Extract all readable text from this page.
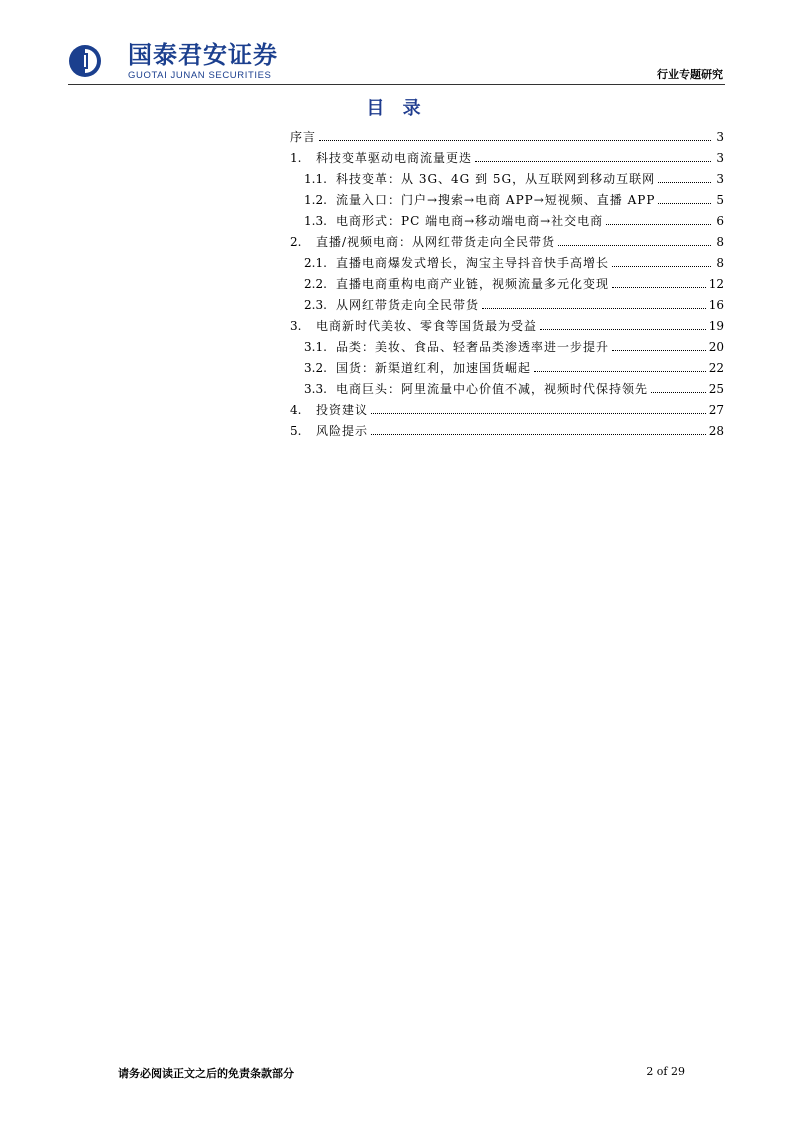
国泰君安证券
GUOTAI JUNAN SECURITIES	行业专题研究
目 录
序言	3
1.	科技变革驱动电商流量更迭	3
1.1. 科技变革：从 3G、4G 到 5G，从互联网到移动互联网	3
1.2. 流量入口：门户→搜索→电商 APP→短视频、直播 APP	5
1.3. 电商形式：PC 端电商→移动端电商→社交电商	6
2.	直播/视频电商：从网红带货走向全民带货	8
2.1. 直播电商爆发式增长，淘宝主导抖音快手高增长	8
2.2. 直播电商重构电商产业链，视频流量多元化变现	12
2.3. 从网红带货走向全民带货	16
3.	电商新时代美妆、零食等国货最为受益	19
3.1. 品类：美妆、食品、轻奢品类渗透率进一步提升	20
3.2. 国货：新渠道红利，加速国货崛起	22
3.3. 电商巨头：阿里流量中心价值不减，视频时代保持领先	25
4.	投资建议	27
5.	风险提示	28
请务必阅读正文之后的免责条款部分	2 of 29
